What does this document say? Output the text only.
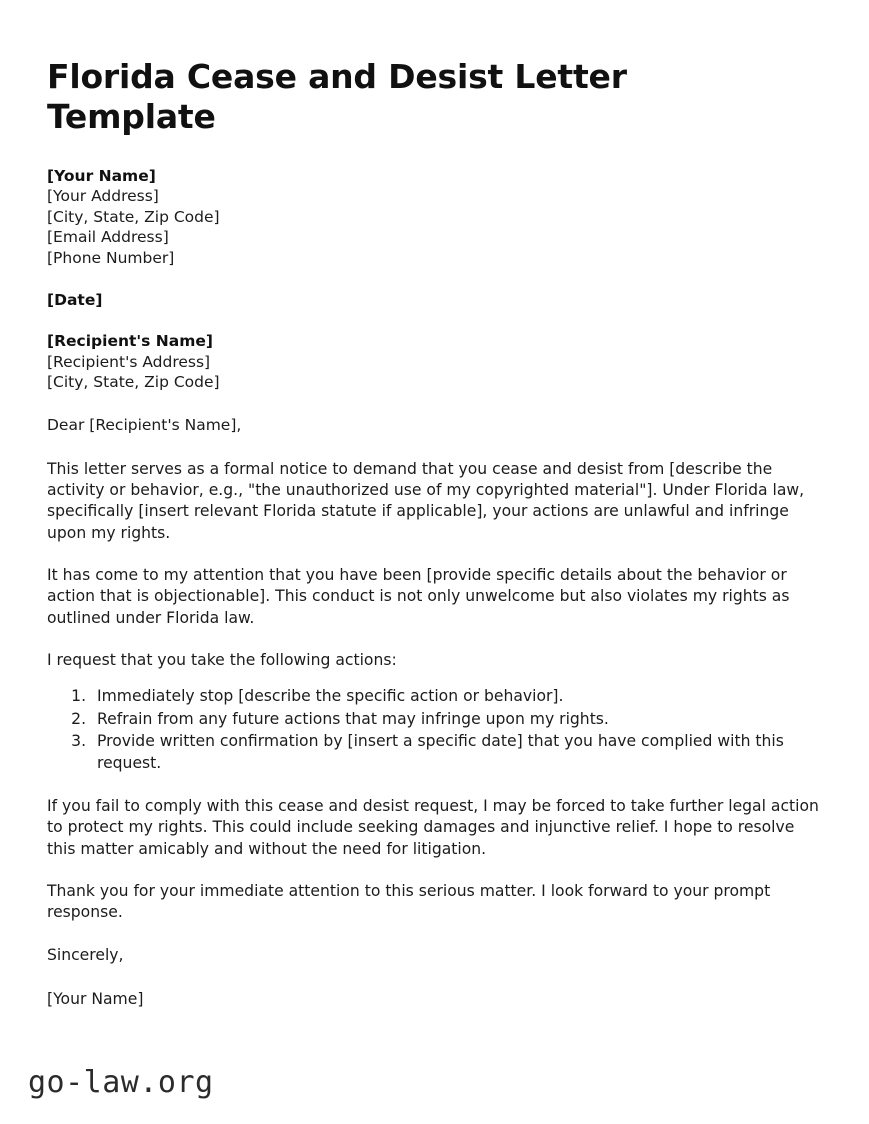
Florida Cease and Desist Letter Template
[Your Name]
[Your Address]
[City, State, Zip Code]
[Email Address]
[Phone Number]
[Date]
[Recipient's Name]
[Recipient's Address]
[City, State, Zip Code]

Dear [Recipient's Name],

This letter serves as a formal notice to demand that you cease and desist from [describe the activity or behavior, e.g., "the unauthorized use of my copyrighted material"]. Under Florida law, specifically [insert relevant Florida statute if applicable], your actions are unlawful and infringe upon my rights.

It has come to my attention that you have been [provide specific details about the behavior or action that is objectionable]. This conduct is not only unwelcome but also violates my rights as outlined under Florida law.

I request that you take the following actions:

1. Immediately stop [describe the specific action or behavior].
2. Refrain from any future actions that may infringe upon my rights.
3. Provide written confirmation by [insert a specific date] that you have complied with this request.

If you fail to comply with this cease and desist request, I may be forced to take further legal action to protect my rights. This could include seeking damages and injunctive relief. I hope to resolve this matter amicably and without the need for litigation.

Thank you for your immediate attention to this serious matter. I look forward to your prompt response.

Sincerely,

[Your Name]

go-law.org
